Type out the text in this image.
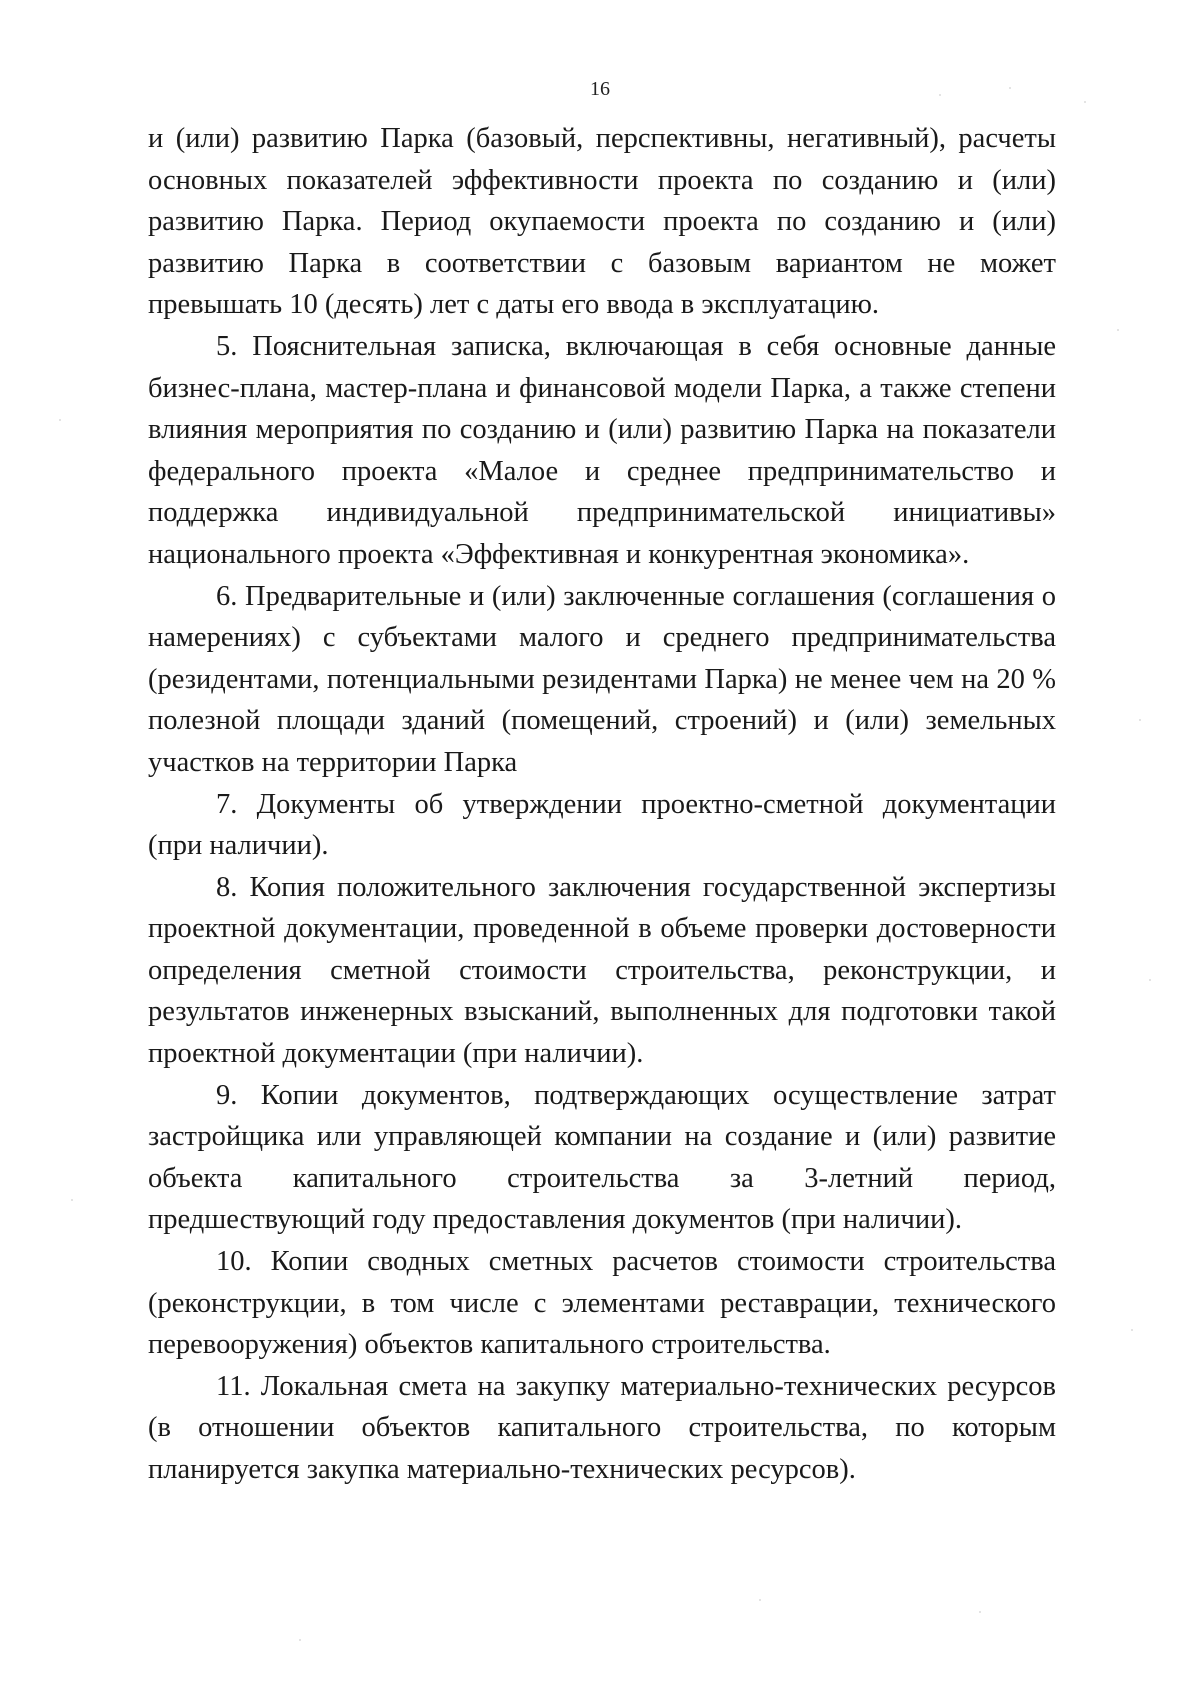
16

и (или) развитию Парка (базовый, перспективны, негативный), расчеты основных показателей эффективности проекта по созданию и (или) развитию Парка. Период окупаемости проекта по созданию и (или) развитию Парка в соответствии с базовым вариантом не может превышать 10 (десять) лет с даты его ввода в эксплуатацию.

5. Пояснительная записка, включающая в себя основные данные бизнес-плана, мастер-плана и финансовой модели Парка, а также степени влияния мероприятия по созданию и (или) развитию Парка на показатели федерального проекта «Малое и среднее предпринимательство и поддержка индивидуальной предпринимательской инициативы» национального проекта «Эффективная и конкурентная экономика».

6. Предварительные и (или) заключенные соглашения (соглашения о намерениях) с субъектами малого и среднего предпринимательства (резидентами, потенциальными резидентами Парка) не менее чем на 20 % полезной площади зданий (помещений, строений) и (или) земельных участков на территории Парка

7. Документы об утверждении проектно-сметной документации (при наличии).

8. Копия положительного заключения государственной экспертизы проектной документации, проведенной в объеме проверки достоверности определения сметной стоимости строительства, реконструкции, и результатов инженерных взысканий, выполненных для подготовки такой проектной документации (при наличии).

9. Копии документов, подтверждающих осуществление затрат застройщика или управляющей компании на создание и (или) развитие объекта капитального строительства за 3-летний период, предшествующий году предоставления документов (при наличии).

10. Копии сводных сметных расчетов стоимости строительства (реконструкции, в том числе с элементами реставрации, технического перевооружения) объектов капитального строительства.

11. Локальная смета на закупку материально-технических ресурсов (в отношении объектов капитального строительства, по которым планируется закупка материально-технических ресурсов).
